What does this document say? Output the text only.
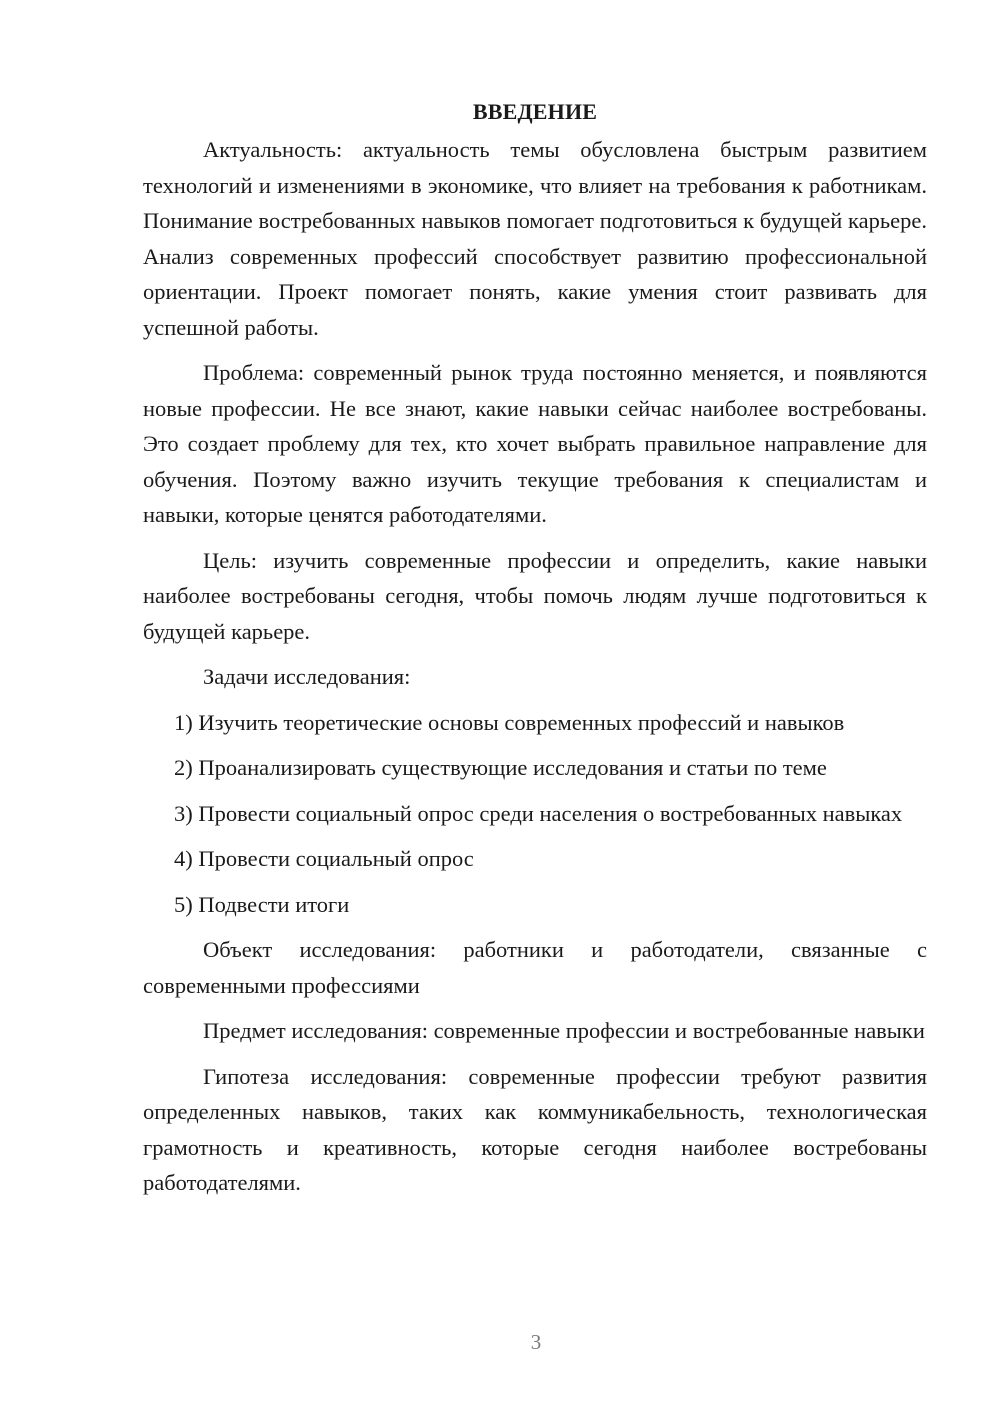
ВВЕДЕНИЕ

Актуальность: актуальность темы обусловлена быстрым развитием технологий и изменениями в экономике, что влияет на требования к работникам. Понимание востребованных навыков помогает подготовиться к будущей карьере. Анализ современных профессий способствует развитию профессиональной ориентации. Проект помогает понять, какие умения стоит развивать для успешной работы.

Проблема: современный рынок труда постоянно меняется, и появляются новые профессии. Не все знают, какие навыки сейчас наиболее востребованы. Это создает проблему для тех, кто хочет выбрать правильное направление для обучения. Поэтому важно изучить текущие требования к специалистам и навыки, которые ценятся работодателями.

Цель: изучить современные профессии и определить, какие навыки наиболее востребованы сегодня, чтобы помочь людям лучше подготовиться к будущей карьере.

Задачи исследования:

1) Изучить теоретические основы современных профессий и навыков

2) Проанализировать существующие исследования и статьи по теме

3) Провести социальный опрос среди населения о востребованных навыках

4) Провести социальный опрос

5) Подвести итоги

Объект исследования: работники и работодатели, связанные с современными профессиями

Предмет исследования: современные профессии и востребованные навыки

Гипотеза исследования: современные профессии требуют развития определенных навыков, таких как коммуникабельность, технологическая грамотность и креативность, которые сегодня наиболее востребованы работодателями.

3
